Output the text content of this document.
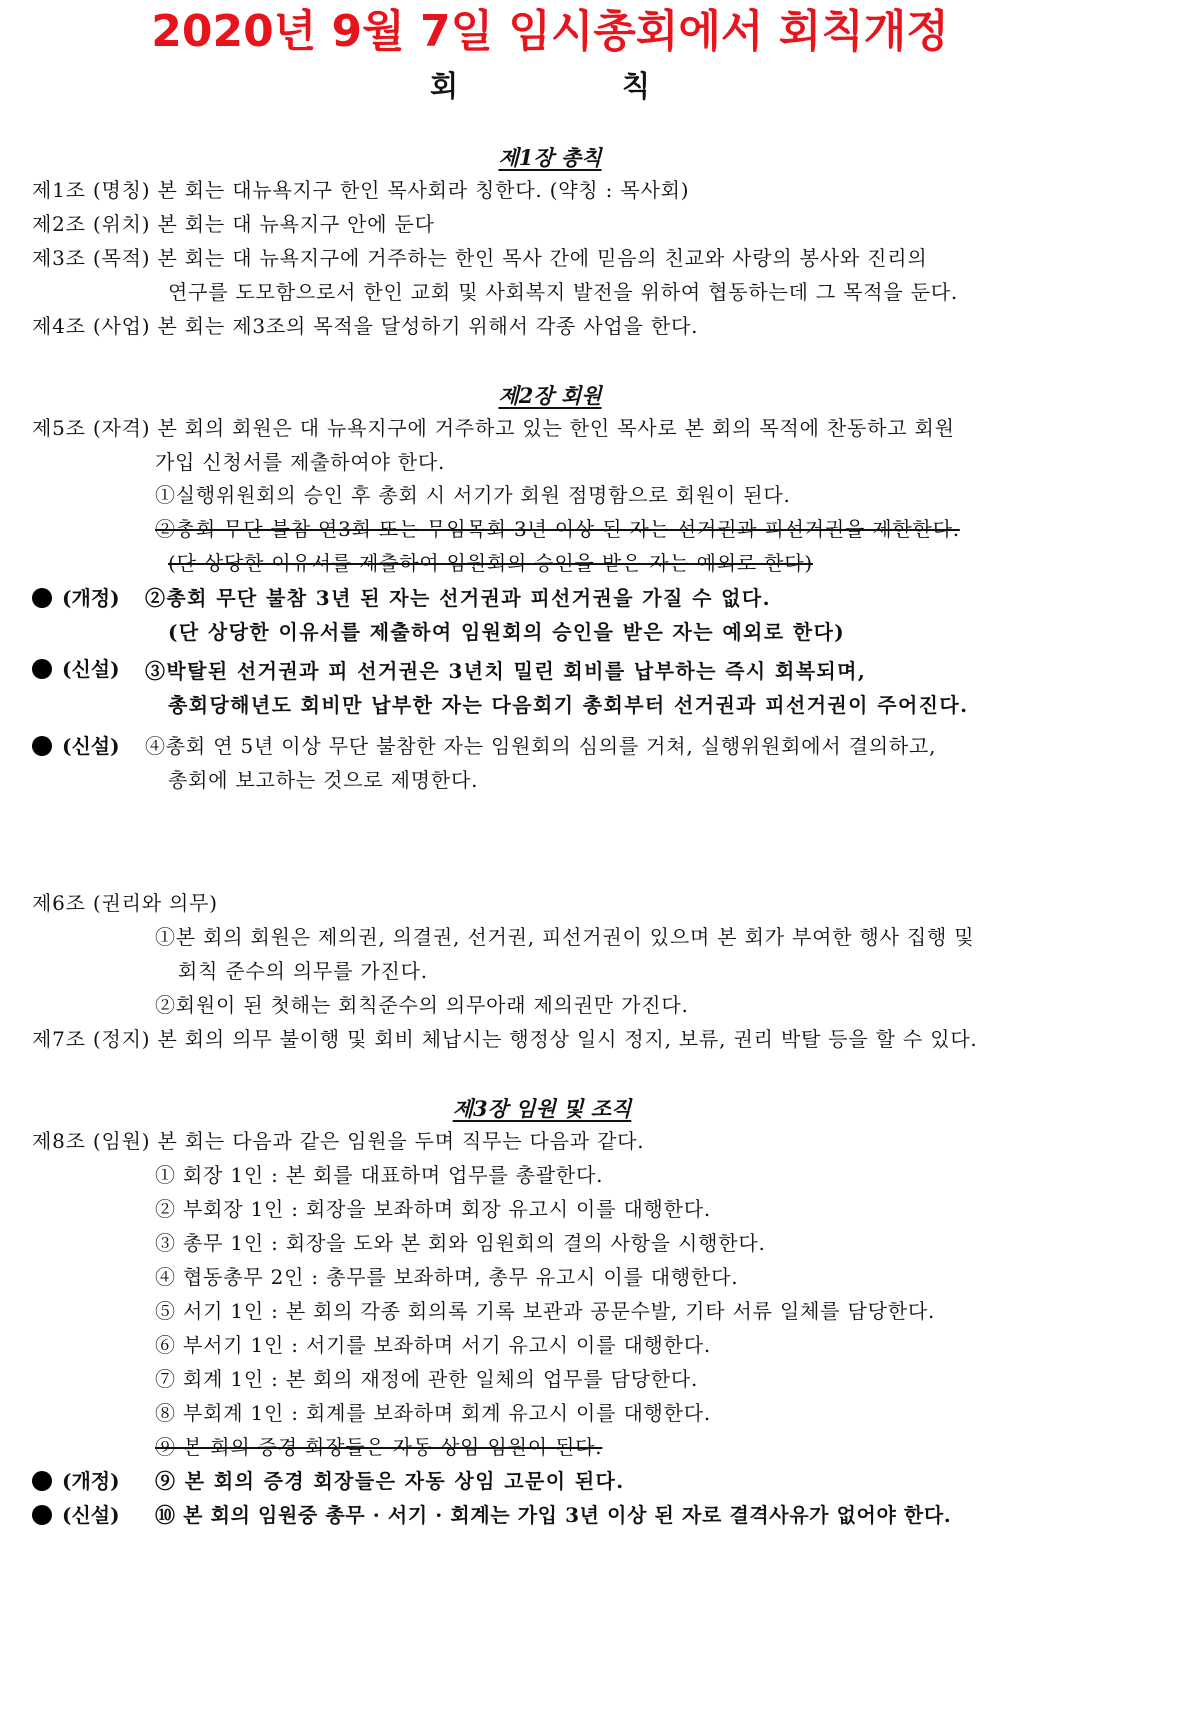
2020년 9월 7일 임시총회에서 회칙개정
회	칙
제1장 총칙
제1조 (명칭) 본 회는 대뉴욕지구 한인 목사회라 칭한다. (약칭 : 목사회)
제2조 (위치) 본 회는 대 뉴욕지구 안에 둔다
제3조 (목적) 본 회는 대 뉴욕지구에 거주하는 한인 목사 간에 믿음의 친교와 사랑의 봉사와 진리의
연구를 도모함으로서 한인 교회 및 사회복지 발전을 위하여 협동하는데 그 목적을 둔다.
제4조 (사업) 본 회는 제3조의 목적을 달성하기 위해서 각종 사업을 한다.
제2장 회원
제5조 (자격) 본 회의 회원은 대 뉴욕지구에 거주하고 있는 한인 목사로 본 회의 목적에 찬동하고 회원
가입 신청서를 제출하여야 한다.
①실행위원회의 승인 후 총회 시 서기가 회원 점명함으로 회원이 된다.
②총회 무단 불참 연3회 또는 무임목회 3년 이상 된 자는 선거권과 피선거권을 제한한다.
(단 상당한 이유서를 제출하여 임원회의 승인을 받은 자는 예외로 한다)
(개정) ②총회 무단 불참 3년 된 자는 선거권과 피선거권을 가질 수 없다.
(단 상당한 이유서를 제출하여 임원회의 승인을 받은 자는 예외로 한다)
(신설) ③박탈된 선거권과 피 선거권은 3년치 밀린 회비를 납부하는 즉시 회복되며,
총회당해년도 회비만 납부한 자는 다음회기 총회부터 선거권과 피선거권이 주어진다.
(신설) ④총회 연 5년 이상 무단 불참한 자는 임원회의 심의를 거쳐, 실행위원회에서 결의하고,
총회에 보고하는 것으로 제명한다.
제6조 (권리와 의무)
①본 회의 회원은 제의권, 의결권, 선거권, 피선거권이 있으며 본 회가 부여한 행사 집행 및
회칙 준수의 의무를 가진다.
②회원이 된 첫해는 회칙준수의 의무아래 제의권만 가진다.
제7조 (정지) 본 회의 의무 불이행 및 회비 체납시는 행정상 일시 정지, 보류, 권리 박탈 등을 할 수 있다.
제3장 임원 및 조직
제8조 (임원) 본 회는 다음과 같은 임원을 두며 직무는 다음과 같다.
① 회장 1인 : 본 회를 대표하며 업무를 총괄한다.
② 부회장 1인 : 회장을 보좌하며 회장 유고시 이를 대행한다.
③ 총무 1인 : 회장을 도와 본 회와 임원회의 결의 사항을 시행한다.
④ 협동총무 2인 : 총무를 보좌하며, 총무 유고시 이를 대행한다.
⑤ 서기 1인 : 본 회의 각종 회의록 기록 보관과 공문수발, 기타 서류 일체를 담당한다.
⑥ 부서기 1인 : 서기를 보좌하며 서기 유고시 이를 대행한다.
⑦ 회계 1인 : 본 회의 재정에 관한 일체의 업무를 담당한다.
⑧ 부회계 1인 : 회계를 보좌하며 회계 유고시 이를 대행한다.
⑨ 본 회의 증경 회장들은 자동 상임 임원이 된다.
(개정) ⑨ 본 회의 증경 회장들은 자동 상임 고문이 된다.
(신설) ⑩ 본 회의 임원중 총무 · 서기 · 회계는 가입 3년 이상 된 자로 결격사유가 없어야 한다.
